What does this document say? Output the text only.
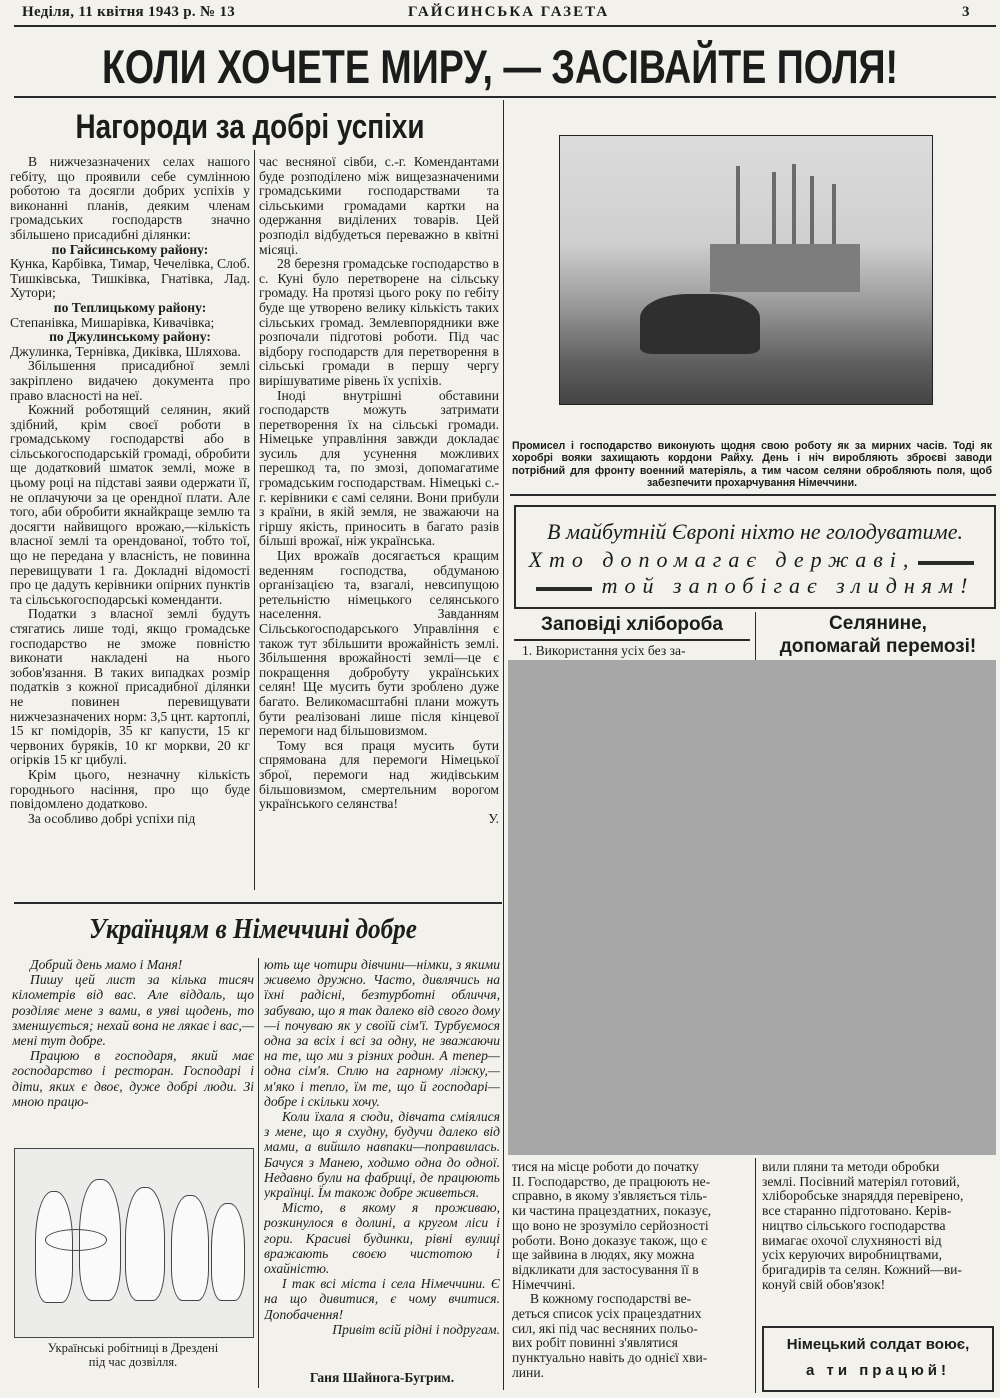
Неділя, 11 квітня 1943 р. № 13	ГАЙСИНСЬКА ГАЗЕТА	3
КОЛИ ХОЧЕТЕ МИРУ, — ЗАСІВАЙТЕ ПОЛЯ!
Нагороди за добрі успіхи

В нижчезазначених селах нашого гебіту, що проявили себе сумлінною роботою та досягли добрих успіхів у виконанні планів, деяким членам громадських господарств значно збільшено присадибні ділянки:

по Гайсинському району:

Кунка, Карбівка, Тимар, Чечелівка, Слоб. Тишківська, Тишківка, Гнатівка, Лад. Хутори;

по Теплицькому району:

Степанівка, Мишарівка, Кивачівка;

по Джулинському району:

Джулинка, Тернівка, Диківка, Шляхова.

Збільшення присадибної землі закріплено видачею документа про право власності на неї.

Кожний роботящий селянин, який здібний, крім своєї роботи в громадському господарстві або в сільськогосподарській громаді, обробити ще додатковий шматок землі, може в цьому році на підставі заяви одержати її, не оплачуючи за це орендної плати. Але того, аби обробити якнайкраще землю та досягти найвищого врожаю,—кількість власної землі та орендованої, тобто тої, що не передана у власність, не повинна перевищувати 1 га. Докладні відомості про це дадуть керівники опірних пунктів та сільськогосподарські коменданти.

Податки з власної землі будуть стягатись лише тоді, якщо громадське господарство не зможе повністю виконати накладені на нього зобов'язання. В таких випадках розмір податків з кожної присадибної ділянки не повинен перевищувати нижчезазначених норм: 3,5 цнт. картоплі, 15 кг помідорів, 35 кг капусти, 15 кг червоних буряків, 10 кг моркви, 20 кг огірків 15 кг цибулі.

Крім цього, незначну кількість городнього насіння, про що буде повідомлено додатково.

За особливо добрі успіхи під

час весняної сівби, с.-г. Комендантами буде розподілено між вищезазначеними громадськими господарствами та сільськими громадами картки на одержання виділених товарів. Цей розподіл відбудеться переважно в квітні місяці.

28 березня громадське господарство в с. Куні було перетворене на сільську громаду. На протязі цього року по гебіту буде ще утворено велику кількість таких сільських громад. Землевпорядники вже розпочали підготові роботи. Під час відбору господарств для перетворення в сільські громади в першу чергу вирішуватиме рівень їх успіхів.

Іноді внутрішні обставини господарств можуть затримати перетворення їх на сільські громади. Німецьке управління завжди докладає зусиль для усунення можливих перешкод та, по змозі, допомагатиме громадським господарствам. Німецькі с.-г. керівники є самі селяни. Вони прибули з країни, в якій земля, не зважаючи на гіршу якість, приносить в багато разів більші врожаї, ніж українська.

Цих врожаїв досягається кращим веденням господства, обдуманою організацією та, взагалі, невсипущою ретельністю німецького селянського населення. Завданням Сільськогосподарського Управління є також тут збільшити врожайність землі. Збільшення врожайності землі—це є покращення добробуту українських селян! Ще мусить бути зроблено дуже багато. Великомасштабні плани можуть бути реалізовані лише після кінцевої перемоги над більшовизмом.

Тому вся праця мусить бути спрямована для перемоги Німецької зброї, перемоги над жидівським більшовизмом, смертельним ворогом українського селянства!

У.

Промисел і господарство виконують щодня свою роботу як за мирних часів. Тоді як хоробрі вояки захищають кордони Райху. День і ніч виробляють зброєві заводи потрібний для фронту военний матеріяль, а тим часом селяни обробляють поля, щоб забезпечити прохарчування Німеччини.
В майбутній Європі ніхто не голодуватиме.
Хто допомагає державі,
той запобігає злидням!
Заповіді хлібороба
1. Використання усіх без за-
Селянине,
допомагай перемозі!
тися на місце роботи до початку
II. Господарство, де працюють не-
справно, в якому з'являється тіль-
ки частина працездатних, показує,
що воно не зрозуміло серйозності
роботи. Воно доказує також, що є
ще зайвина в людях, яку можна
відкликати для застосування її в
Німеччині.
В кожному господарстві ве-
деться список усіх працездатних
сил, які під час весняних польо-
вих робіт повинні з'являтися
пунктуально навіть до однієї хви-
лини.
вили пляни та методи обробки
землі. Посівний матеріял готовий,
хліборобське знаряддя перевірено,
все старанно підготовано. Керів-
ництво сільського господарства
вимагає охочої слухняності від
усіх керуючих виробництвами,
бригадирів та селян. Кожний—ви-
конуй свій обов'язок!
Німецький солдат воює,
а ти працюй!
Українцям в Німеччині добре

Добрий день мамо і Маня!

Пишу цей лист за кілька тисяч кілометрів від вас. Але віддаль, що розділяє мене з вами, в уяві щодень, то зменшується; нехай вона не лякає і вас,— мені тут добре.

Працюю в господаря, який має господарство і ресторан. Господарі і діти, яких є двоє, дуже добрі люди. Зі мною працю-

Українські робітниці в Дрездені
під час дозвілля.

ють ще чотири дівчини—німки, з якими живемо дружно. Часто, дивлячись на їхні радісні, безтурботні обличчя, забуваю, що я так далеко від свого дому—і почуваю як у своїй сім'ї. Турбуємося одна за всіх і всі за одну, не зважаючи на те, що ми з різних родин. А тепер—одна сім'я. Сплю на гарному ліжку,—м'яко і тепло, їм те, що й господарі—добре і скільки хочу.

Коли їхала я сюди, дівчата сміялися з мене, що я схудну, будучи далеко від мами, а вийшло навпаки—поправилась. Бачуся з Манею, ходимо одна до одної. Недавно були на фабриці, де працюють українці. Їм також добре живеться.

Місто, в якому я проживаю, розкинулося в долині, а кругом ліси і гори. Красиві будинки, рівні вулиці вражають своєю чистотою і охайністю.

І так всі міста і села Німеччини. Є на що дивитися, є чому вчитися. Допобачення!

Привіт всій рідні і подругам.

Ганя Шайнога-Бугрим.
